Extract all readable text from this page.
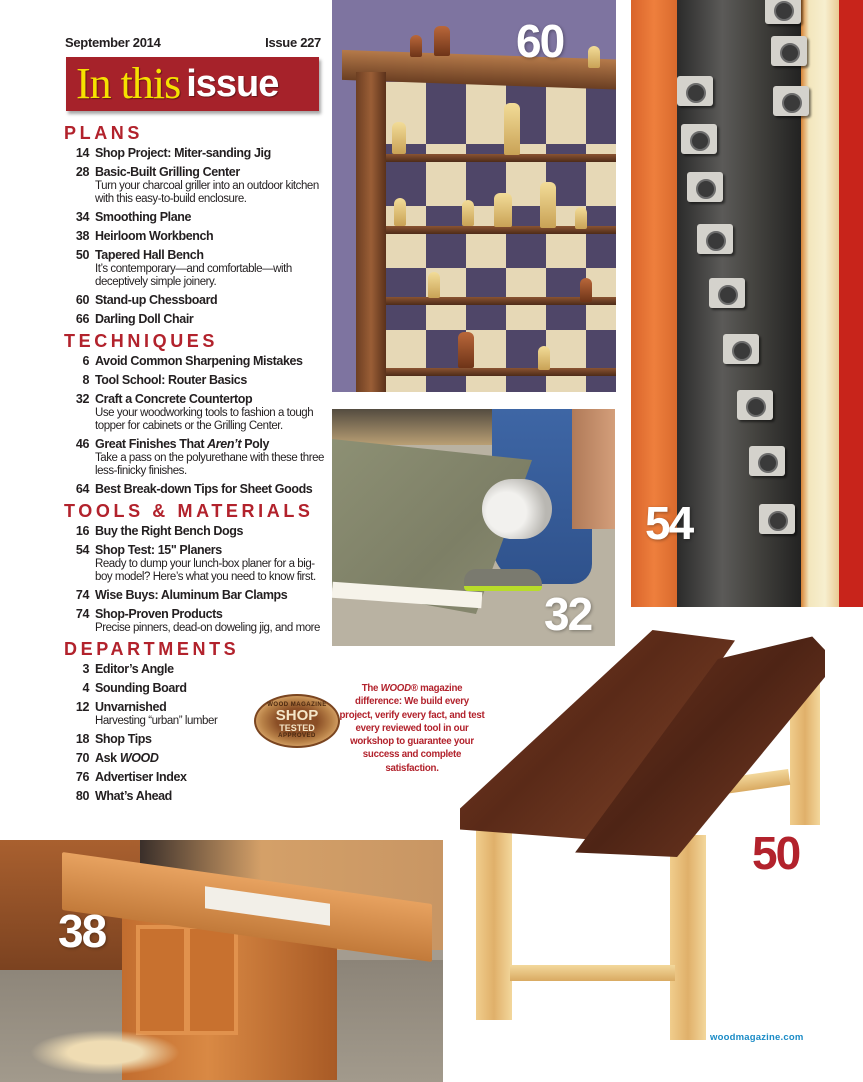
September 2014	Issue 227
In this issue
PLANS
14 Shop Project: Miter-sanding Jig
28 Basic-Built Grilling Center
Turn your charcoal griller into an outdoor kitchen with this easy-to-build enclosure.
34 Smoothing Plane
38 Heirloom Workbench
50 Tapered Hall Bench
It’s contemporary—and comfortable—with deceptively simple joinery.
60 Stand-up Chessboard
66 Darling Doll Chair
TECHNIQUES
6 Avoid Common Sharpening Mistakes
8 Tool School: Router Basics
32 Craft a Concrete Countertop
Use your woodworking tools to fashion a tough topper for cabinets or the Grilling Center.
46 Great Finishes That Aren’t Poly
Take a pass on the polyurethane with these three less-finicky finishes.
64 Best Break-down Tips for Sheet Goods
TOOLS & MATERIALS
16 Buy the Right Bench Dogs
54 Shop Test: 15" Planers
Ready to dump your lunch-box planer for a big-boy model? Here’s what you need to know first.
74 Wise Buys: Aluminum Bar Clamps
74 Shop-Proven Products
Precise pinners, dead-on doweling jig, and more
DEPARTMENTS
3 Editor’s Angle
4 Sounding Board
12 Unvarnished
Harvesting “urban” lumber
18 Shop Tips
70 Ask WOOD
76 Advertiser Index
80 What’s Ahead
60
54
32
50
38
WOOD MAGAZINE
SHOP
TESTED
APPROVED
The WOOD® magazine difference: We build every project, verify every fact, and test every reviewed tool in our workshop to guarantee your success and complete satisfaction.
woodmagazine.com
